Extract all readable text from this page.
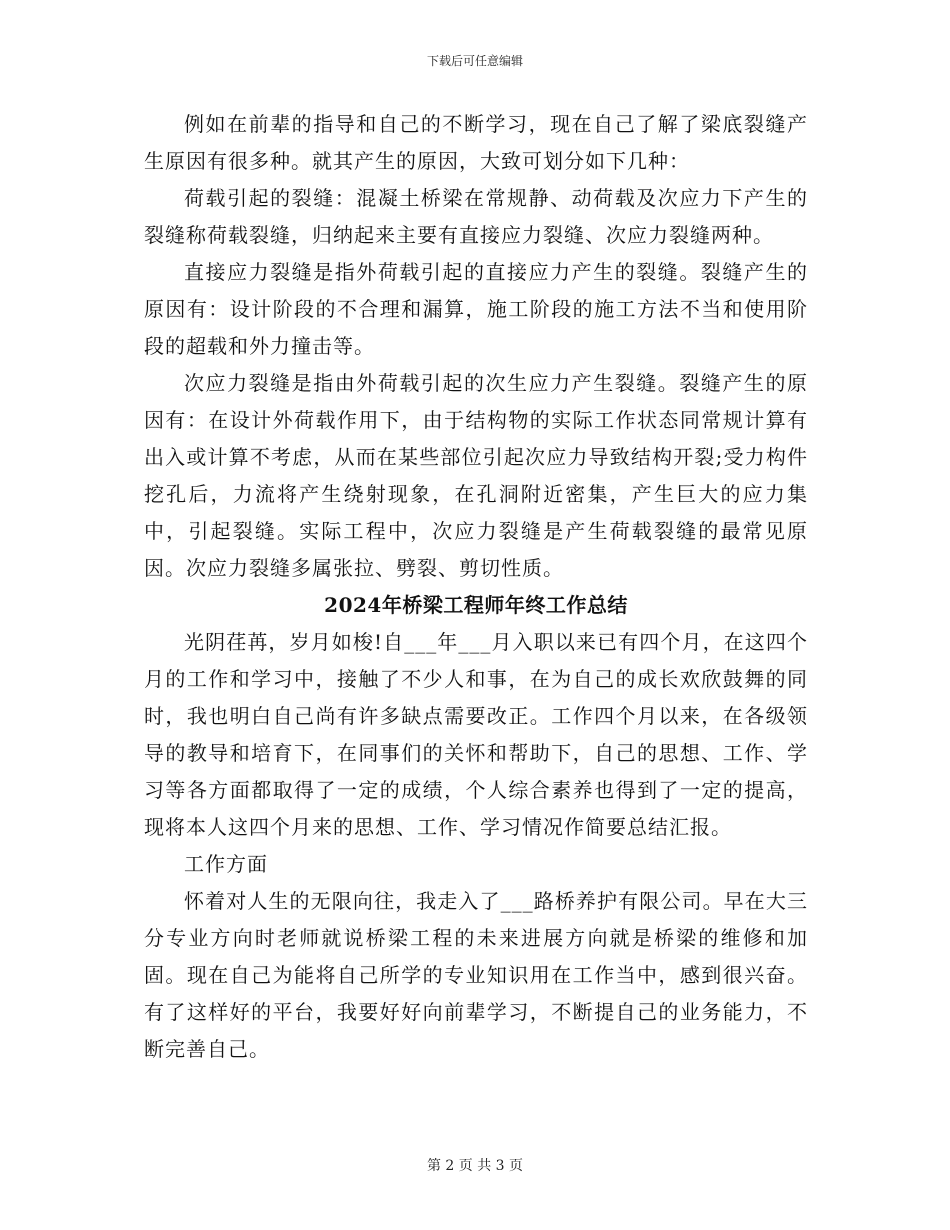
下载后可任意编辑

例如在前辈的指导和自己的不断学习，现在自己了解了梁底裂缝产生原因有很多种。就其产生的原因，大致可划分如下几种：

荷载引起的裂缝：混凝土桥梁在常规静、动荷载及次应力下产生的裂缝称荷载裂缝，归纳起来主要有直接应力裂缝、次应力裂缝两种。

直接应力裂缝是指外荷载引起的直接应力产生的裂缝。裂缝产生的原因有：设计阶段的不合理和漏算，施工阶段的施工方法不当和使用阶段的超载和外力撞击等。

次应力裂缝是指由外荷载引起的次生应力产生裂缝。裂缝产生的原因有：在设计外荷载作用下，由于结构物的实际工作状态同常规计算有出入或计算不考虑，从而在某些部位引起次应力导致结构开裂;受力构件挖孔后，力流将产生绕射现象，在孔洞附近密集，产生巨大的应力集中，引起裂缝。实际工程中，次应力裂缝是产生荷载裂缝的最常见原因。次应力裂缝多属张拉、劈裂、剪切性质。

2024年桥梁工程师年终工作总结

光阴荏苒，岁月如梭!自___年___月入职以来已有四个月，在这四个月的工作和学习中，接触了不少人和事，在为自己的成长欢欣鼓舞的同时，我也明白自己尚有许多缺点需要改正。工作四个月以来，在各级领导的教导和培育下，在同事们的关怀和帮助下，自己的思想、工作、学习等各方面都取得了一定的成绩，个人综合素养也得到了一定的提高，现将本人这四个月来的思想、工作、学习情况作简要总结汇报。

工作方面

怀着对人生的无限向往，我走入了___路桥养护有限公司。早在大三分专业方向时老师就说桥梁工程的未来进展方向就是桥梁的维修和加固。现在自己为能将自己所学的专业知识用在工作当中，感到很兴奋。有了这样好的平台，我要好好向前辈学习，不断提自己的业务能力，不断完善自己。

第 2 页 共 3 页
